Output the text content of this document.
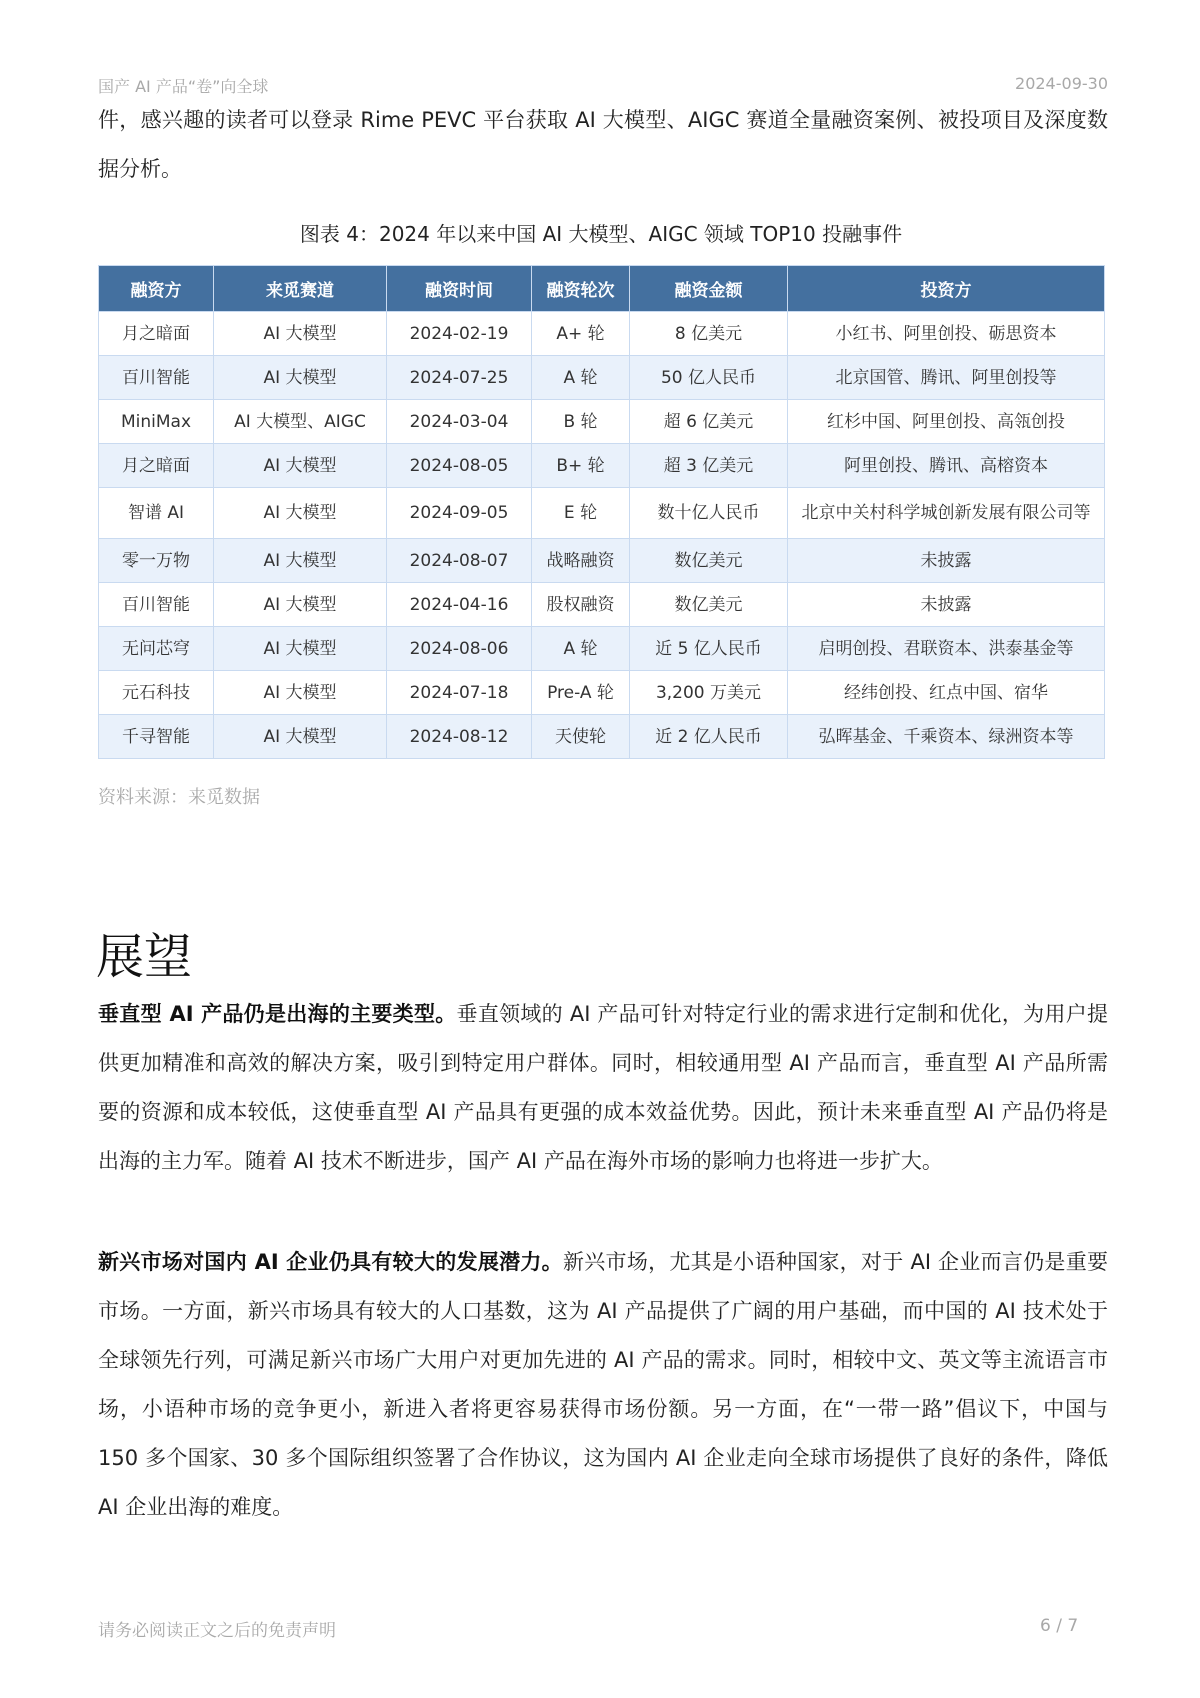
国产 AI 产品“卷”向全球	2024-09-30
件，感兴趣的读者可以登录 Rime PEVC 平台获取 AI 大模型、AIGC 赛道全量融资案例、被投项目及深度数据分析。
图表 4：2024 年以来中国 AI 大模型、AIGC 领域 TOP10 投融事件
融资方	来觅赛道	融资时间	融资轮次	融资金额	投资方
月之暗面	AI 大模型	2024-02-19	A+ 轮	8 亿美元	小红书、阿里创投、砺思资本
百川智能	AI 大模型	2024-07-25	A 轮	50 亿人民币	北京国管、腾讯、阿里创投等
MiniMax	AI 大模型、AIGC	2024-03-04	B 轮	超 6 亿美元	红杉中国、阿里创投、高瓴创投
月之暗面	AI 大模型	2024-08-05	B+ 轮	超 3 亿美元	阿里创投、腾讯、高榕资本
智谱 AI	AI 大模型	2024-09-05	E 轮	数十亿人民币	北京中关村科学城创新发展有限公司等
零一万物	AI 大模型	2024-08-07	战略融资	数亿美元	未披露
百川智能	AI 大模型	2024-04-16	股权融资	数亿美元	未披露
无问芯穹	AI 大模型	2024-08-06	A 轮	近 5 亿人民币	启明创投、君联资本、洪泰基金等
元石科技	AI 大模型	2024-07-18	Pre-A 轮	3,200 万美元	经纬创投、红点中国、宿华
千寻智能	AI 大模型	2024-08-12	天使轮	近 2 亿人民币	弘晖基金、千乘资本、绿洲资本等
资料来源：来觅数据
展望
垂直型 AI 产品仍是出海的主要类型。垂直领域的 AI 产品可针对特定行业的需求进行定制和优化，为用户提供更加精准和高效的解决方案，吸引到特定用户群体。同时，相较通用型 AI 产品而言，垂直型 AI 产品所需要的资源和成本较低，这使垂直型 AI 产品具有更强的成本效益优势。因此，预计未来垂直型 AI 产品仍将是出海的主力军。随着 AI 技术不断进步，国产 AI 产品在海外市场的影响力也将进一步扩大。
新兴市场对国内 AI 企业仍具有较大的发展潜力。新兴市场，尤其是小语种国家，对于 AI 企业而言仍是重要市场。一方面，新兴市场具有较大的人口基数，这为 AI 产品提供了广阔的用户基础，而中国的 AI 技术处于全球领先行列，可满足新兴市场广大用户对更加先进的 AI 产品的需求。同时，相较中文、英文等主流语言市场，小语种市场的竞争更小，新进入者将更容易获得市场份额。另一方面，在“一带一路”倡议下，中国与 150 多个国家、30 多个国际组织签署了合作协议，这为国内 AI 企业走向全球市场提供了良好的条件，降低 AI 企业出海的难度。
请务必阅读正文之后的免责声明	6 / 7
